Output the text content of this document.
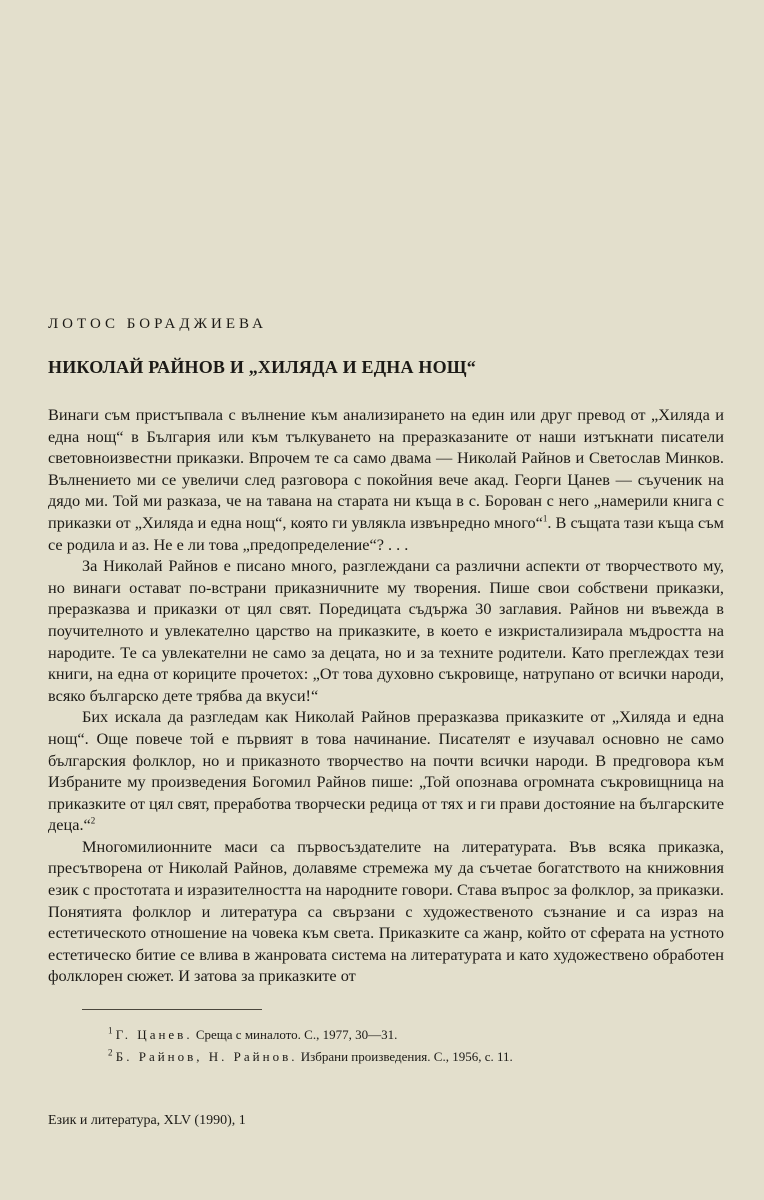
ЛОТОС БОРАДЖИЕВА
НИКОЛАЙ РАЙНОВ И „ХИЛЯДА И ЕДНА НОЩ“

Винаги съм пристъпвала с вълнение към анализирането на един или друг превод от „Хиляда и една нощ“ в България или към тълкуването на преразказаните от наши изтъкнати писатели световноизвестни приказки. Впрочем те са само двама — Николай Райнов и Светослав Минков. Вълнението ми се увеличи след разговора с покойния вече акад. Георги Цанев — съученик на дядо ми. Той ми разказа, че на тавана на старата ни къща в с. Борован с него „намерили книга с приказки от „Хиляда и една нощ“, която ги увлякла извънредно много“$^1$. В същата тази къща съм се родила и аз. Не е ли това „предопределение“? . . .

За Николай Райнов е писано много, разглеждани са различни аспекти от творчеството му, но винаги остават по-встрани приказничните му творения. Пише свои собствени приказки, преразказва и приказки от цял свят. Поредицата съдържа 30 заглавия. Райнов ни въвежда в поучителното и увлекателно царство на приказките, в което е изкристализирала мъдростта на народите. Те са увлекателни не само за децата, но и за техните родители. Като преглеждах тези книги, на една от кориците прочетох: „От това духовно съкровище, натрупано от всички народи, всяко българско дете трябва да вкуси!“

Бих искала да разгледам как Николай Райнов преразказва приказките от „Хиляда и една нощ“. Още повече той е първият в това начинание. Писателят е изучавал основно не само българския фолклор, но и приказното творчество на почти всички народи. В предговора към Избраните му произведения Богомил Райнов пише: „Той опознава огромната съкровищница на приказките от цял свят, преработва творчески редица от тях и ги прави достояние на българските деца.“$^2$

Многомилионните маси са първосъздателите на литературата. Във всяка приказка, пресътворена от Николай Райнов, долавяме стремежа му да съчетае богатството на книжовния език с простотата и изразителността на народните говори. Става въпрос за фолклор, за приказки. Понятията фолклор и литература са свързани с художественото съзнание и са израз на естетическото отношение на човека към света. Приказките са жанр, който от сферата на устното естетическо битие се влива в жанровата система на литературата и като художествено обработен фолклорен сюжет. И затова за приказките от

$^1$ Г. Цанев. Среща с миналото. С., 1977, 30—31.
$^2$ Б. Райнов, Н. Райнов. Избрани произведения. С., 1956, с. 11.
Език и литература, XLV (1990), 1
